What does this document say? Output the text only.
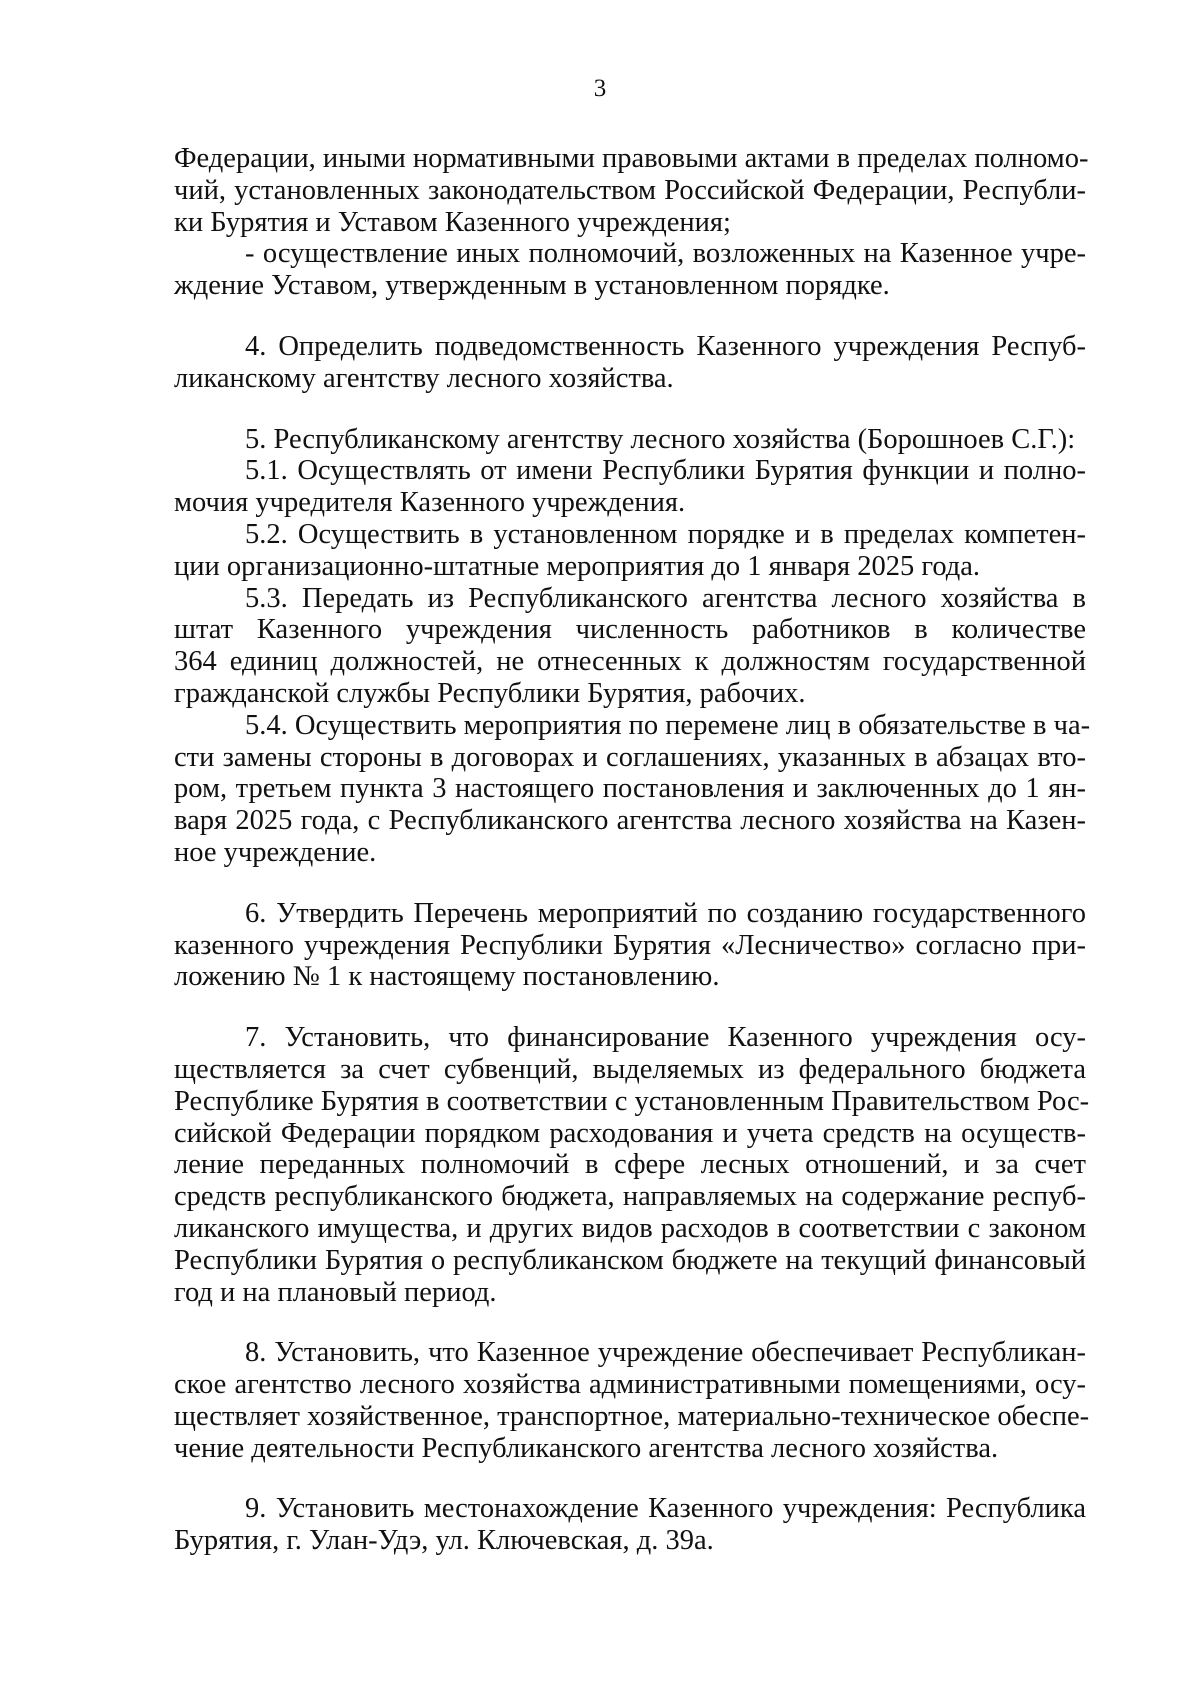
3
Федерации, иными нормативными правовыми актами в пределах полномо-
чий, установленных законодательством Российской Федерации, Республи-
ки Бурятия и Уставом Казенного учреждения;
- осуществление иных полномочий, возложенных на Казенное учре-
ждение Уставом, утвержденным в установленном порядке.
4. Определить подведомственность Казенного учреждения Респуб-
ликанскому агентству лесного хозяйства.
5. Республиканскому агентству лесного хозяйства (Борошноев С.Г.):
5.1. Осуществлять от имени Республики Бурятия функции и полно-
мочия учредителя Казенного учреждения.
5.2. Осуществить в установленном порядке и в пределах компетен-
ции организационно-штатные мероприятия до 1 января 2025 года.
5.3. Передать из Республиканского агентства лесного хозяйства в
штат Казенного учреждения численность работников в количестве
364 единиц должностей, не отнесенных к должностям государственной
гражданской службы Республики Бурятия, рабочих.
5.4. Осуществить мероприятия по перемене лиц в обязательстве в ча-
сти замены стороны в договорах и соглашениях, указанных в абзацах вто-
ром, третьем пункта 3 настоящего постановления и заключенных до 1 ян-
варя 2025 года, с Республиканского агентства лесного хозяйства на Казен-
ное учреждение.
6. Утвердить Перечень мероприятий по созданию государственного
казенного учреждения Республики Бурятия «Лесничество» согласно при-
ложению № 1 к настоящему постановлению.
7. Установить, что финансирование Казенного учреждения осу-
ществляется за счет субвенций, выделяемых из федерального бюджета
Республике Бурятия в соответствии с установленным Правительством Рос-
сийской Федерации порядком расходования и учета средств на осуществ-
ление переданных полномочий в сфере лесных отношений, и за счет
средств республиканского бюджета, направляемых на содержание респуб-
ликанского имущества, и других видов расходов в соответствии с законом
Республики Бурятия о республиканском бюджете на текущий финансовый
год и на плановый период.
8. Установить, что Казенное учреждение обеспечивает Республикан-
ское агентство лесного хозяйства административными помещениями, осу-
ществляет хозяйственное, транспортное, материально-техническое обеспе-
чение деятельности Республиканского агентства лесного хозяйства.
9. Установить местонахождение Казенного учреждения: Республика
Бурятия, г. Улан-Удэ, ул. Ключевская, д. 39а.
